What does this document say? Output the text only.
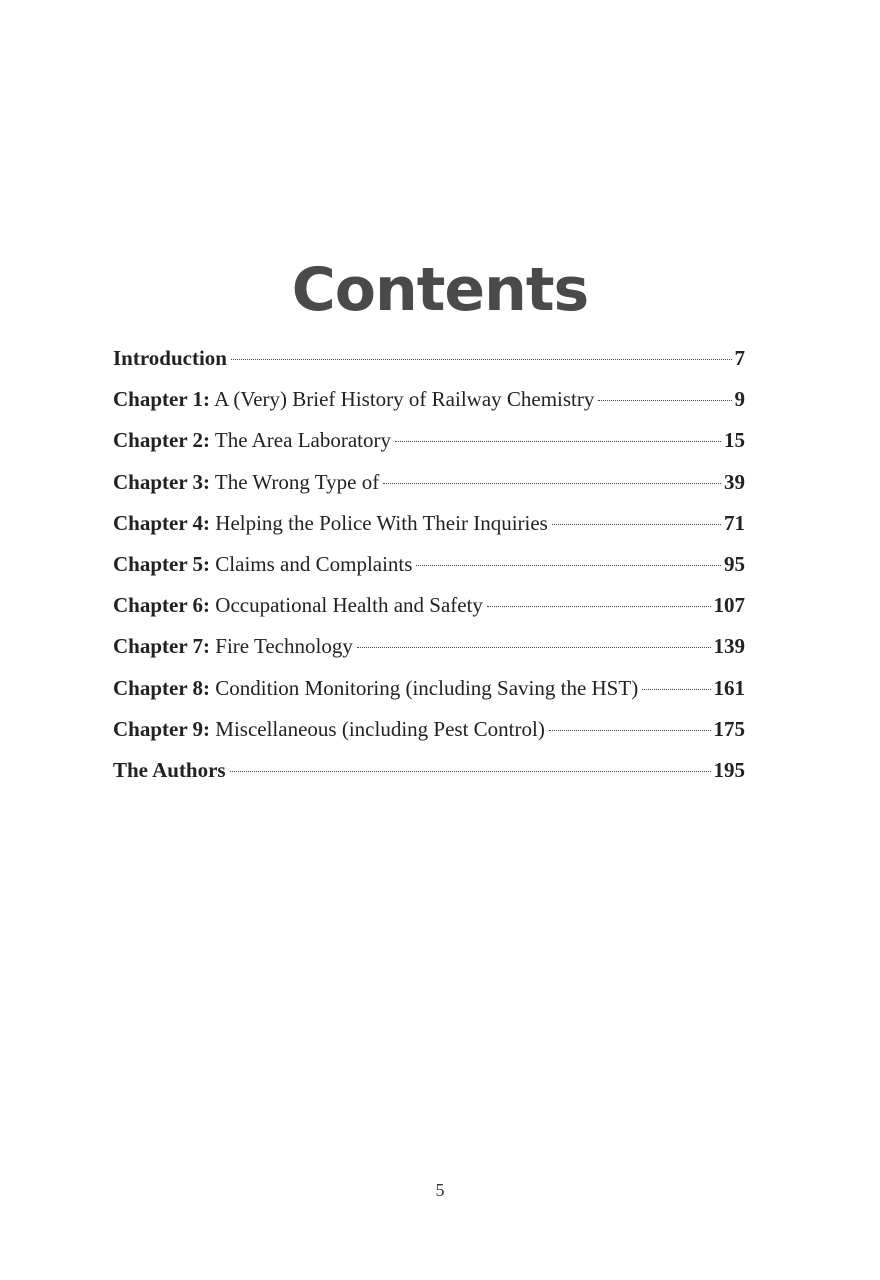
Contents
Introduction	7
Chapter 1: A (Very) Brief History of Railway Chemistry	9
Chapter 2: The Area Laboratory	15
Chapter 3: The Wrong Type of	39
Chapter 4: Helping the Police With Their Inquiries	71
Chapter 5: Claims and Complaints	95
Chapter 6: Occupational Health and Safety	107
Chapter 7: Fire Technology	139
Chapter 8: Condition Monitoring (including Saving the HST)	161
Chapter 9: Miscellaneous (including Pest Control)	175
The Authors	195
5
